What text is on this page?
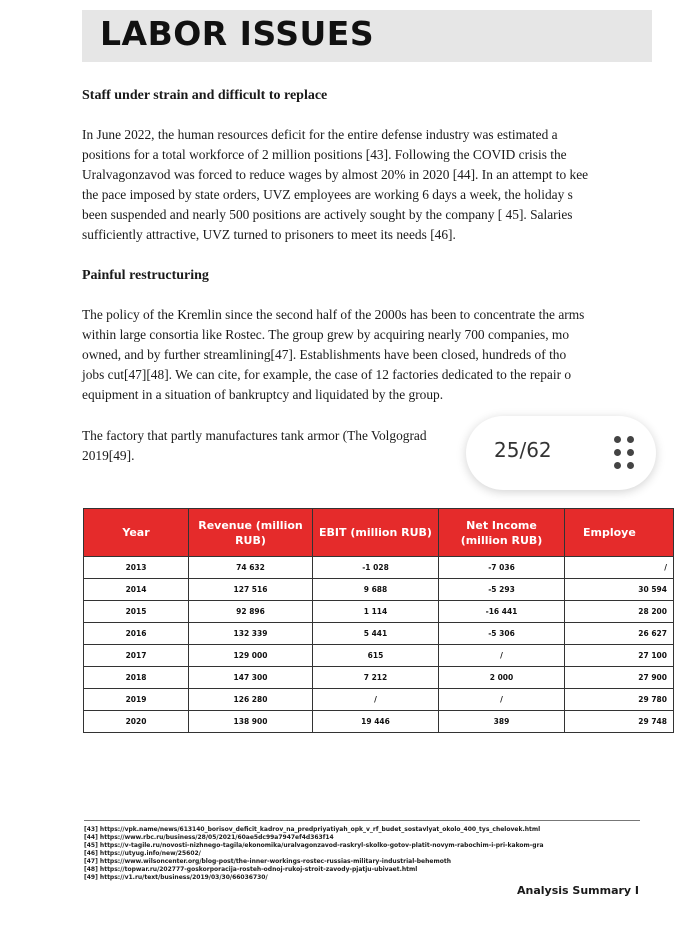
LABOR ISSUES
Staff under strain and difficult to replace

In June 2022, the human resources deficit for the entire defense industry was estimated a
positions for a total workforce of 2 million positions [43]. Following the COVID crisis the
Uralvagonzavod was forced to reduce wages by almost 20% in 2020 [44]. In an attempt to kee
the pace imposed by state orders, UVZ employees are working 6 days a week, the holiday s
been suspended and nearly 500 positions are actively sought by the company [ 45]. Salaries
sufficiently attractive, UVZ turned to prisoners to meet its needs [46].

Painful restructuring

The policy of the Kremlin since the second half of the 2000s has been to concentrate the arms
within large consortia like Rostec. The group grew by acquiring nearly 700 companies, mo
owned, and by further streamlining[47]. Establishments have been closed, hundreds of tho
jobs cut[47][48]. We can cite, for example, the case of 12 factories dedicated to the repair o
equipment in a situation of bankruptcy and liquidated by the group.

The factory that partly manufactures tank armor (The Volgograd
2019[49].	25/62
Year	Revenue (million RUB)	EBIT (million RUB)	Net Income (million RUB)	Employe
2013	74 632	-1 028	-7 036	/
2014	127 516	9 688	-5 293	30 594
2015	92 896	1 114	-16 441	28 200
2016	132 339	5 441	-5 306	26 627
2017	129 000	615	/	27 100
2018	147 300	7 212	2 000	27 900
2019	126 280	/	/	29 780
2020	138 900	19 446	389	29 748
[43] https://vpk.name/news/613140_borisov_deficit_kadrov_na_predpriyatiyah_opk_v_rf_budet_sostavlyat_okolo_400_tys_chelovek.html
[44] https://www.rbc.ru/business/28/05/2021/60ae5dc99a7947ef4d363f14
[45] https://v-tagile.ru/novosti-nizhnego-tagila/ekonomika/uralvagonzavod-raskryl-skolko-gotov-platit-novym-rabochim-i-pri-kakom-gra
[46] https://utyug.info/new/25602/
[47] https://www.wilsoncenter.org/blog-post/the-inner-workings-rostec-russias-military-industrial-behemoth
[48] https://topwar.ru/202777-goskorporacija-rosteh-odnoj-rukoj-stroit-zavody-pjatju-ubivaet.html
[49] https://v1.ru/text/business/2019/03/30/66036730/
Analysis Summary I
